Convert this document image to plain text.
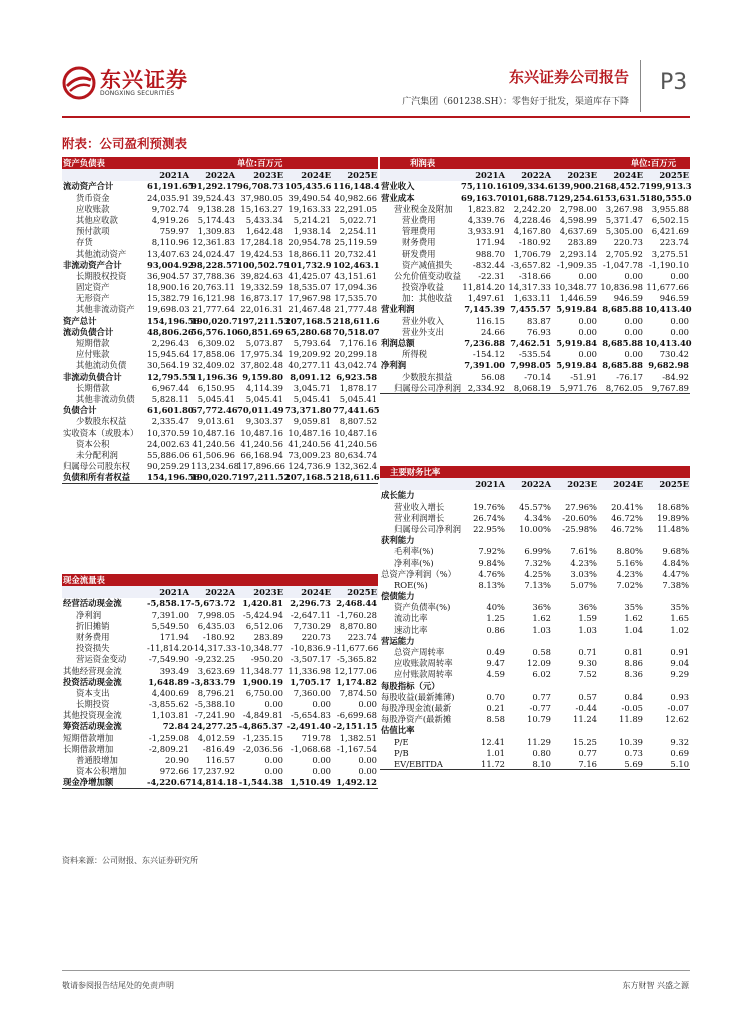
东兴证券
DONGXING SECURITIES
东兴证券公司报告
广汽集团（601238.SH）：零售好于批发，渠道库存下降
P3
附表：公司盈利预测表
资产负债表			单位:百万元		
	2021A	2022A	2023E	2024E	2025E
流动资产合计	61,191.65	91,292.17	96,708.73	105,435.6	116,148.4
货币资金	24,035.91	39,524.43	37,980.05	39,490.54	40,982.66
应收账款	9,702.74	9,138.28	15,163.27	19,163.33	22,291.05
其他应收款	4,919.26	5,174.43	5,433.34	5,214.21	5,022.71
预付款项	759.97	1,309.83	1,642.48	1,938.14	2,254.11
存货	8,110.96	12,361.83	17,284.18	20,954.78	25,119.59
其他流动资产	13,407.63	24,024.47	19,424.53	18,866.11	20,732.41
非流动资产合计	93,004.92	98,228.57	100,502.79	101,732.9	102,463.1
长期股权投资	36,904.57	37,788.36	39,824.63	41,425.07	43,151.61
固定资产	18,900.16	20,763.11	19,332.59	18,535.07	17,094.36
无形资产	15,382.79	16,121.98	16,873.17	17,967.98	17,535.70
其他非流动资产	19,698.03	21,777.64	22,016.31	21,467.48	21,777.48
资产总计	154,196.56	190,020.7	197,211.53	207,168.5	218,611.6
流动负债合计	48,806.26	56,576.10	60,851.69	65,280.68	70,518.07
短期借款	2,296.43	6,309.02	5,073.87	5,793.64	7,176.16
应付账款	15,945.64	17,858.06	17,975.34	19,209.92	20,299.18
其他流动负债	30,564.19	32,409.02	37,802.48	40,277.11	43,042.74
非流动负债合计	12,795.55	11,196.36	9,159.80	8,091.12	6,923.58
长期借款	6,967.44	6,150.95	4,114.39	3,045.71	1,878.17
其他非流动负债	5,828.11	5,045.41	5,045.41	5,045.41	5,045.41
负债合计	61,601.80	67,772.46	70,011.49	73,371.80	77,441.65
少数股东权益	2,335.47	9,013.61	9,303.37	9,059.81	8,807.52
实收资本（或股本）	10,370.59	10,487.16	10,487.16	10,487.16	10,487.16
资本公积	24,002.63	41,240.56	41,240.56	41,240.56	41,240.56
未分配利润	55,886.06	61,506.96	66,168.94	73,009.23	80,634.74
归属母公司股东权	90,259.29	113,234.68	117,896.66	124,736.9	132,362.4
负债和所有者权益	154,196.56	190,020.7	197,211.52	207,168.5	218,611.6
利润表			单位:百万元		
	2021A	2022A	2023E	2024E	2025E
营业收入	75,110.16	109,334.6	139,900.2	168,452.7	199,913.3
营业成本	69,163.70	101,688.7	129,254.6	153,631.5	180,555.0
营业税金及附加	1,823.82	2,242.20	2,798.00	3,267.98	3,955.88
营业费用	4,339.76	4,228.46	4,598.99	5,371.47	6,502.15
管理费用	3,933.91	4,167.80	4,637.69	5,305.00	6,421.69
财务费用	171.94	-180.92	283.89	220.73	223.74
研发费用	988.70	1,706.79	2,293.14	2,705.92	3,275.51
资产减值损失	-832.44	-3,657.82	-1,909.35	-1,047.78	-1,190.10
公允价值变动收益	-22.31	-318.66	0.00	0.00	0.00
投资净收益	11,814.20	14,317.33	10,348.77	10,836.98	11,677.66
加：其他收益	1,497.61	1,633.11	1,446.59	946.59	946.59
营业利润	7,145.39	7,455.57	5,919.84	8,685.88	10,413.40
营业外收入	116.15	83.87	0.00	0.00	0.00
营业外支出	24.66	76.93	0.00	0.00	0.00
利润总额	7,236.88	7,462.51	5,919.84	8,685.88	10,413.40
所得税	-154.12	-535.54	0.00	0.00	730.42
净利润	7,391.00	7,998.05	5,919.84	8,685.88	9,682.98
少数股东损益	56.08	-70.14	-51.91	-76.17	-84.92
归属母公司净利润	2,334.92	8,068.19	5,971.76	8,762.05	9,767.89
主要财务比率					
	2021A	2022A	2023E	2024E	2025E
成长能力					
营业收入增长	19.76%	45.57%	27.96%	20.41%	18.68%
营业利润增长	26.74%	4.34%	-20.60%	46.72%	19.89%
归属母公司净利润	22.95%	10.00%	-25.98%	46.72%	11.48%
获利能力					
毛利率(%)	7.92%	6.99%	7.61%	8.80%	9.68%
净利率(%)	9.84%	7.32%	4.23%	5.16%	4.84%
总资产净利润（%）	4.76%	4.25%	3.03%	4.23%	4.47%
ROE(%)	8.13%	7.13%	5.07%	7.02%	7.38%
偿债能力					
资产负债率(%)	40%	36%	36%	35%	35%
流动比率	1.25	1.62	1.59	1.62	1.65
速动比率	0.86	1.03	1.03	1.04	1.02
营运能力					
总资产周转率	0.49	0.58	0.71	0.81	0.91
应收账款周转率	9.47	12.09	9.30	8.86	9.04
应付账款周转率	4.59	6.02	7.52	8.36	9.29
每股指标（元）					
每股收益(最新摊薄)	0.70	0.77	0.57	0.84	0.93
每股净现金流(最新	0.21	-0.77	-0.44	-0.05	-0.07
每股净资产(最新摊	8.58	10.79	11.24	11.89	12.62
估值比率					
P/E	12.41	11.29	15.25	10.39	9.32
P/B	1.01	0.80	0.77	0.73	0.69
EV/EBITDA	11.72	8.10	7.16	5.69	5.10
现金流量表					
	2021A	2022A	2023E	2024E	2025E
经营活动现金流	-5,858.17	-5,673.72	1,420.81	2,296.73	2,468.44
净利润	7,391.00	7,998.05	-5,424.94	-2,647.11	-1,760.28
折旧摊销	5,549.50	6,435.03	6,512.06	7,730.29	8,870.80
财务费用	171.94	-180.92	283.89	220.73	223.74
投资损失	-11,814.20	-14,317.33	-10,348.77	-10,836.9	-11,677.66
营运资金变动	-7,549.90	-9,232.25	-950.20	-3,507.17	-5,365.82
其他经营现金流	393.49	3,623.69	11,348.77	11,336.98	12,177.06
投资活动现金流	1,648.89	-3,833.79	1,900.19	1,705.17	1,174.82
资本支出	4,400.69	8,796.21	6,750.00	7,360.00	7,874.50
长期投资	-3,855.62	-5,388.10	0.00	0.00	0.00
其他投资现金流	1,103.81	-7,241.90	-4,849.81	-5,654.83	-6,699.68
筹资活动现金流	72.84	24,277.25	-4,865.37	-2,491.40	-2,151.15
短期借款增加	-1,259.08	4,012.59	-1,235.15	719.78	1,382.51
长期借款增加	-2,809.21	-816.49	-2,036.56	-1,068.68	-1,167.54
普通股增加	20.90	116.57	0.00	0.00	0.00
资本公积增加	972.66	17,237.92	0.00	0.00	0.00
现金净增加额	-4,220.67	14,814.18	-1,544.38	1,510.49	1,492.12
资料来源：公司财报、东兴证券研究所
敬请参阅报告结尾处的免责声明	东方财智 兴盛之源
